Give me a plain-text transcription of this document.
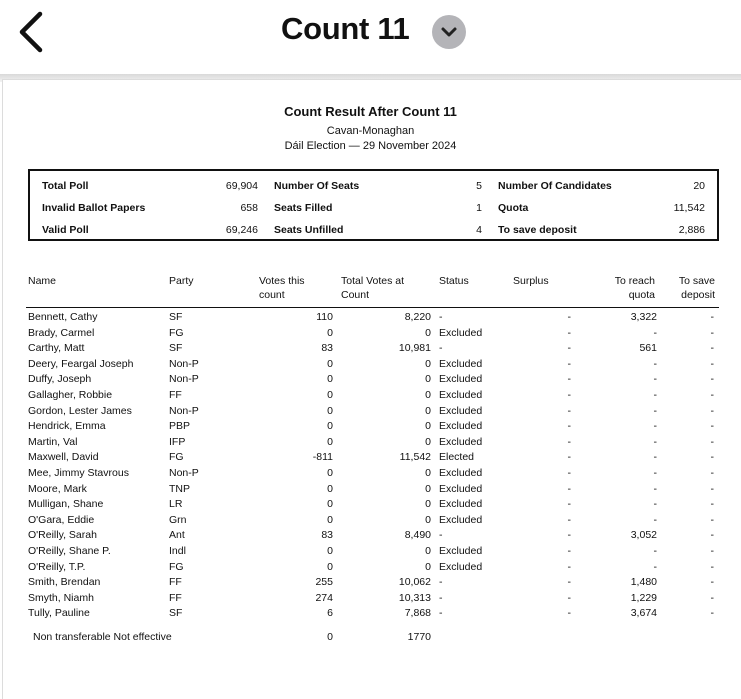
Count 11
Count Result After Count 11
Cavan-Monaghan
Dáil Election — 29 November 2024
Total Poll	69,904
Invalid Ballot Papers	658
Valid Poll	69,246
Number Of Seats	5
Seats Filled	1
Seats Unfilled	4
Number Of Candidates	20
Quota	11,542
To save deposit	2,886
Name	Party	Votes this
count
Total Votes at
Count
Status	Surplus	To reach
quota
To save
deposit
Bennett, Cathy	SF	110	8,220 -	-	3,322	-
Brady, Carmel	FG	0	0 Excluded	-	-	-
Carthy, Matt	SF	83	10,981 -	-	561	-
Deery, Feargal Joseph	Non-P	0	0 Excluded	-	-	-
Duffy, Joseph	Non-P	0	0 Excluded	-	-	-
Gallagher, Robbie	FF	0	0 Excluded	-	-	-
Gordon, Lester James	Non-P	0	0 Excluded	-	-	-
Hendrick, Emma	PBP	0	0 Excluded	-	-	-
Martin, Val	IFP	0	0 Excluded	-	-	-
Maxwell, David	FG	-811	11,542 Elected	-	-	-
Mee, Jimmy Stavrous	Non-P	0	0 Excluded	-	-	-
Moore, Mark	TNP	0	0 Excluded	-	-	-
Mulligan, Shane	LR	0	0 Excluded	-	-	-
O'Gara, Eddie	Grn	0	0 Excluded	-	-	-
O'Reilly, Sarah	Ant	83	8,490 -	-	3,052	-
O'Reilly, Shane P.	Indl	0	0 Excluded	-	-	-
O'Reilly, T.P.	FG	0	0 Excluded	-	-	-
Smith, Brendan	FF	255	10,062 -	-	1,480	-
Smyth, Niamh	FF	274	10,313 -	-	1,229	-
Tully, Pauline	SF	6	7,868 -	-	3,674	-
Non transferable Not effective	0	1770
